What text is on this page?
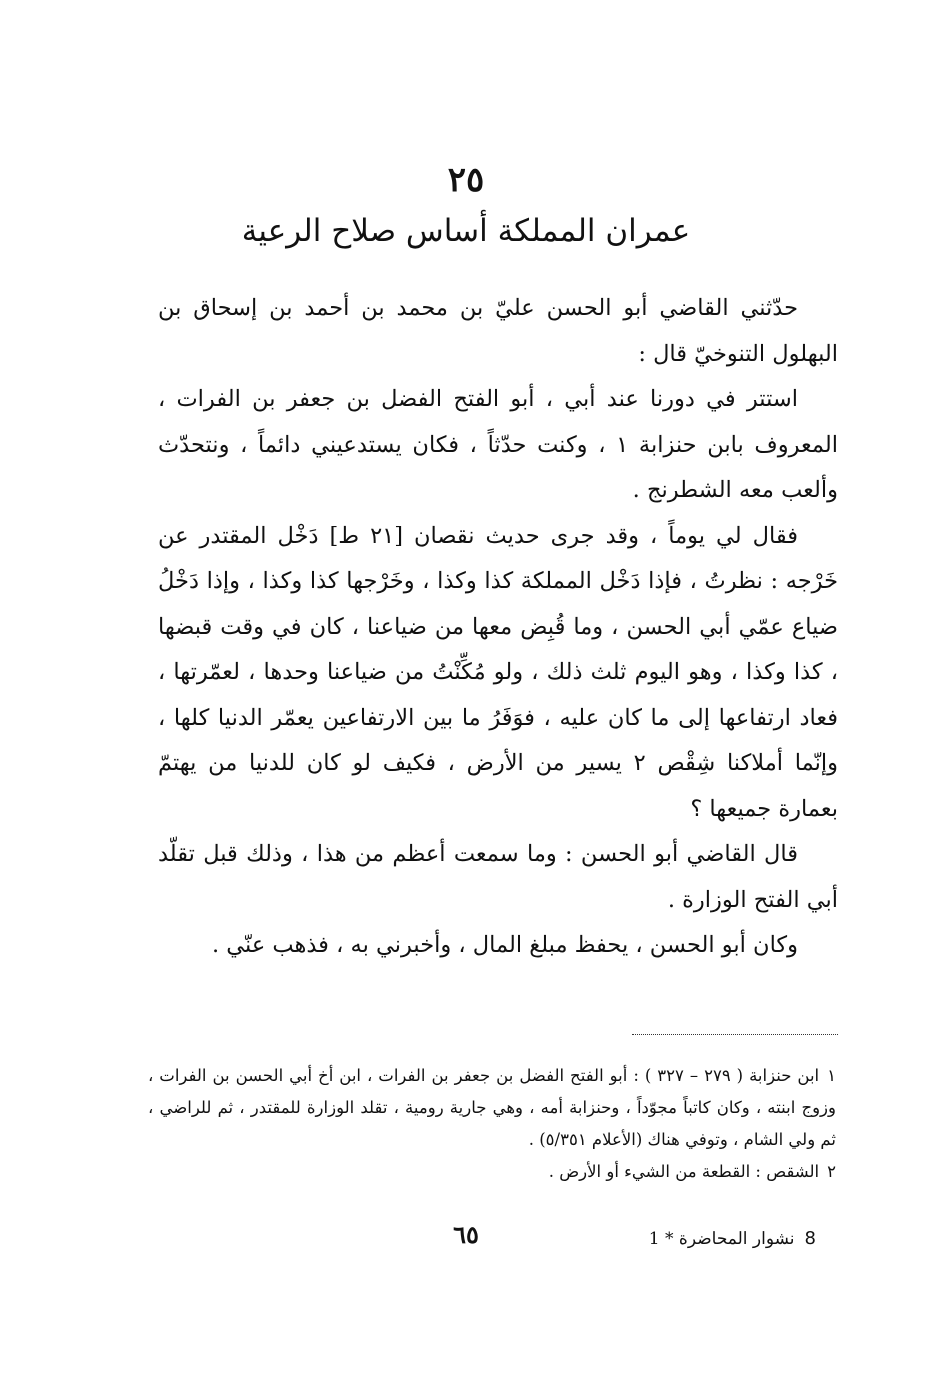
٢٥
عمران المملكة أساس صلاح الرعية

حدّثني القاضي أبو الحسن عليّ بن محمد بن أحمد بن إسحاق بن البهلول التنوخيّ قال :

استتر في دورنا عند أبي ، أبو الفتح الفضل بن جعفر بن الفرات ، المعروف بابن حنزابة ١ ، وكنت حدّثاً ، فكان يستدعيني دائماً ، ونتحدّث وألعب معه الشطرنج .

فقال لي يوماً ، وقد جرى حديث نقصان [٢١ ط] دَخْل المقتدر عن خَرْجه : نظرتُ ، فإذا دَخْل المملكة كذا وكذا ، وخَرْجها كذا وكذا ، وإذا دَخْلُ ضياع عمّي أبي الحسن ، وما قُبِض معها من ضياعنا ، كان في وقت قبضها ، كذا وكذا ، وهو اليوم ثلث ذلك ، ولو مُكِّنْتُ من ضياعنا وحدها ، لعمّرتها ، فعاد ارتفاعها إلى ما كان عليه ، فوَفَرُ ما بين الارتفاعين يعمّر الدنيا كلها ، وإنّما أملاكنا شِقْص ٢ يسير من الأرض ، فكيف لو كان للدنيا من يهتمّ بعمارة جميعها ؟

قال القاضي أبو الحسن : وما سمعت أعظم من هذا ، وذلك قبل تقلّد أبي الفتح الوزارة .

وكان أبو الحسن ، يحفظ مبلغ المال ، وأخبرني به ، فذهب عنّي .

١ابن حنزابة ( ٢٧٩ – ٣٢٧ ) : أبو الفتح الفضل بن جعفر بن الفرات ، ابن أخ أبي الحسن بن الفرات ، وزوج ابنته ، وكان كاتباً مجوّداً ، وحنزابة أمه ، وهي جارية رومية ، تقلد الوزارة للمقتدر ، ثم للراضي ، ثم ولي الشام ، وتوفي هناك (الأعلام ٥/٣٥١) .

٢الشقص : القطعة من الشيء أو الأرض .

٦٥	8نشوار المحاضرة * 1
